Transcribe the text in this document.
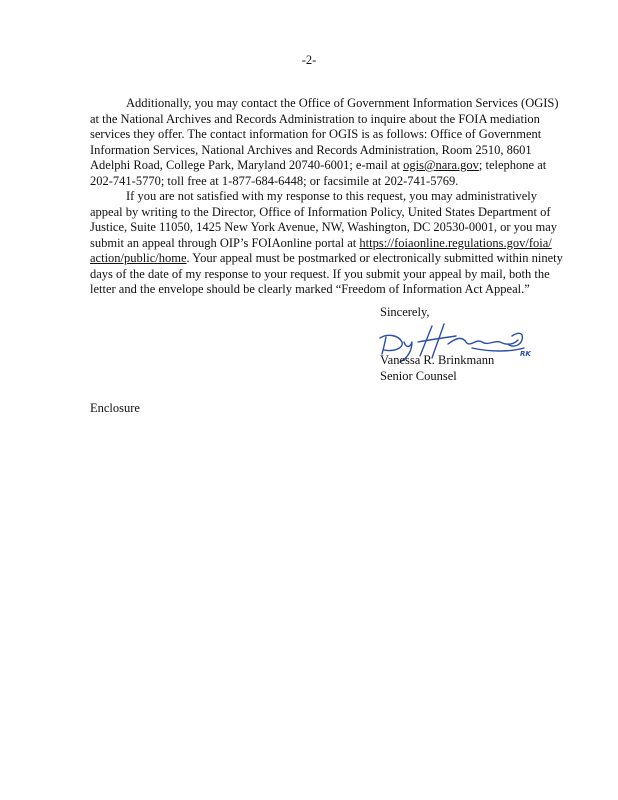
-2-

Additionally, you may contact the Office of Government Information Services (OGIS)
at the National Archives and Records Administration to inquire about the FOIA mediation
services they offer. The contact information for OGIS is as follows: Office of Government
Information Services, National Archives and Records Administration, Room 2510, 8601
Adelphi Road, College Park, Maryland 20740-6001; e-mail at ogis@nara.gov; telephone at
202-741-5770; toll free at 1-877-684-6448; or facsimile at 202-741-5769.

If you are not satisfied with my response to this request, you may administratively
appeal by writing to the Director, Office of Information Policy, United States Department of
Justice, Suite 11050, 1425 New York Avenue, NW, Washington, DC 20530-0001, or you may
submit an appeal through OIP’s FOIAonline portal at https://foiaonline.regulations.gov/foia/
action/public/home. Your appeal must be postmarked or electronically submitted within ninety
days of the date of my response to your request. If you submit your appeal by mail, both the
letter and the envelope should be clearly marked “Freedom of Information Act Appeal.”

Sincerely,
RK
Vanessa R. Brinkmann
Senior Counsel
Enclosure
